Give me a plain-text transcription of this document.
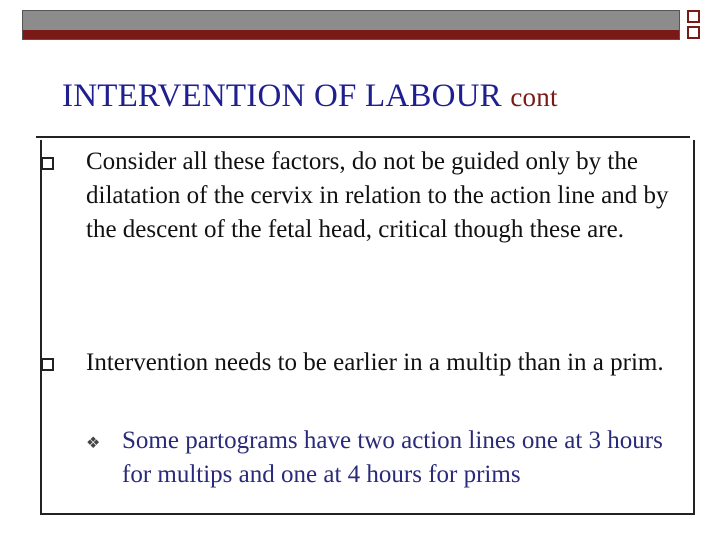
INTERVENTION OF LABOUR cont

Consider all these factors, do not be guided only by the dilatation of the cervix in relation to the action line and by the descent of the fetal head, critical though these are.

Intervention needs to be earlier in a multip than in a prim.

❖ Some partograms have two action lines one at 3 hours for multips and one at 4 hours for prims
